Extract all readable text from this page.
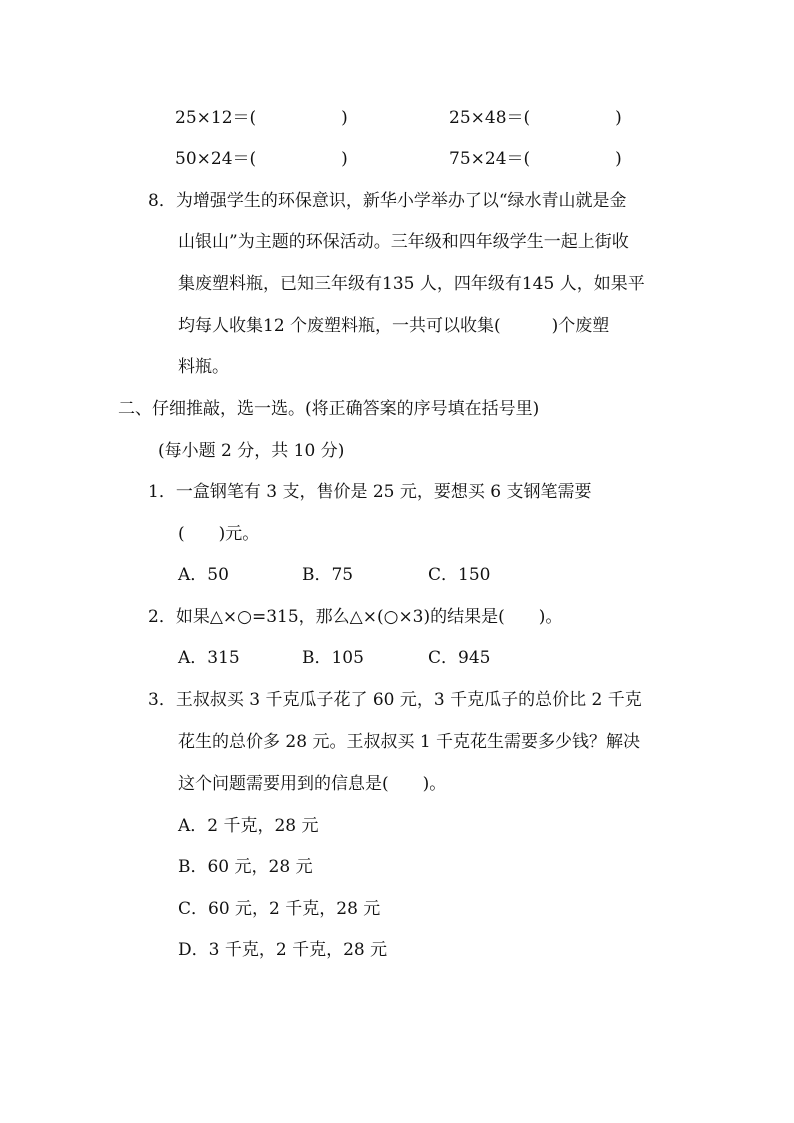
25×12＝(　　　　　)	25×48＝(　　　　　)
50×24＝(　　　　　)	75×24＝(　　　　　)
8．为增强学生的环保意识，新华小学举办了以“绿水青山就是金
山银山”为主题的环保活动。三年级和四年级学生一起上街收
集废塑料瓶，已知三年级有135 人，四年级有145 人，如果平
均每人收集12 个废塑料瓶，一共可以收集(　　　)个废塑
料瓶。
二、仔细推敲，选一选。(将正确答案的序号填在括号里)
(每小题 2 分，共 10 分)
1．一盒钢笔有 3 支，售价是 25 元，要想买 6 支钢笔需要
(　　)元。
A．50	B．75	C．150
2．如果△×○=315，那么△×(○×3)的结果是(　　)。
A．315	B．105	C．945
3．王叔叔买 3 千克瓜子花了 60 元，3 千克瓜子的总价比 2 千克
花生的总价多 28 元。王叔叔买 1 千克花生需要多少钱？解决
这个问题需要用到的信息是(　　)。
A．2 千克，28 元
B．60 元，28 元
C．60 元，2 千克，28 元
D．3 千克，2 千克，28 元
